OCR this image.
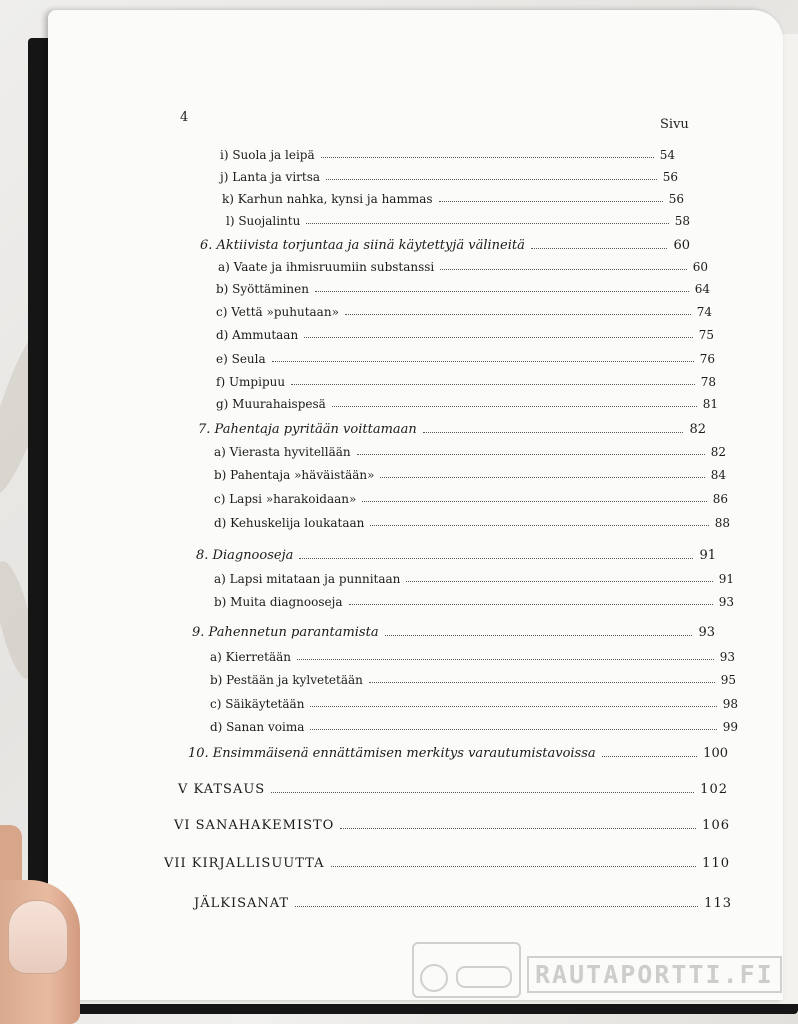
4	Sivu
i) Suola ja leipä	54
j) Lanta ja virtsa	56
k) Karhun nahka, kynsi ja hammas	56
l) Suojalintu	58
6. Aktiivista torjuntaa ja siinä käytettyjä välineitä	60
a) Vaate ja ihmisruumiin substanssi	60
b) Syöttäminen	64
c) Vettä »puhutaan»	74
d) Ammutaan	75
e) Seula	76
f) Umpipuu	78
g) Muurahaispesä	81
7. Pahentaja pyritään voittamaan	82
a) Vierasta hyvitellään	82
b) Pahentaja »häväistään»	84
c) Lapsi »harakoidaan»	86
d) Kehuskelija loukataan	88
8. Diagnooseja	91
a) Lapsi mitataan ja punnitaan	91
b) Muita diagnooseja	93
9. Pahennetun parantamista	93
a) Kierretään	93
b) Pestään ja kylvetetään	95
c) Säikäytetään	98
d) Sanan voima	99
10. Ensimmäisenä ennättämisen merkitys varautumistavoissa	100
V KATSAUS	102
VI SANAHAKEMISTO	106
VII KIRJALLISUUTTA	110
JÄLKISANAT	113
RAUTAPORTTI.FI
